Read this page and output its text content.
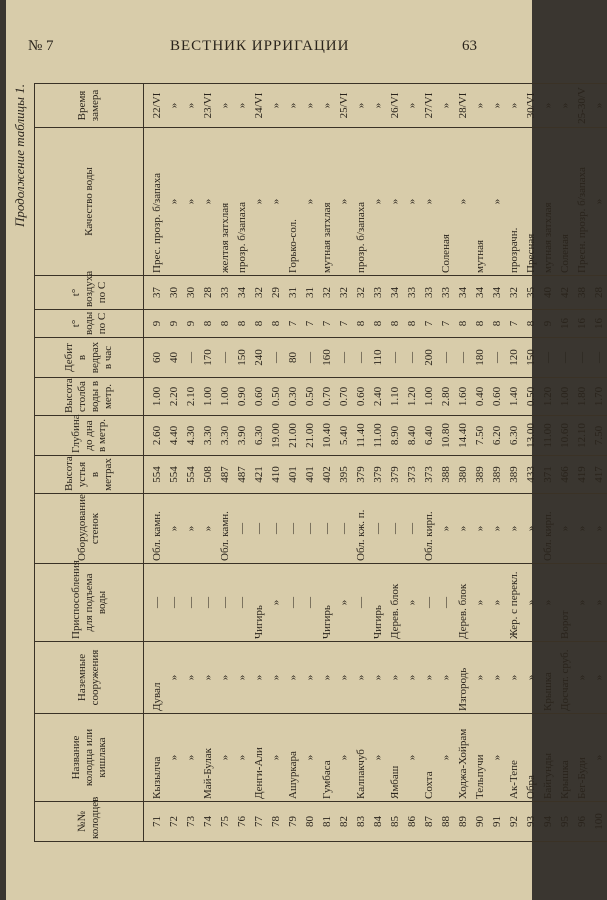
№ 7	ВЕСТНИК ИРРИГАЦИИ	63
Продолжение таблицы 1.
№№ колодцев	Название колодца или кишлака	Наземные сооружения	Приспособления для подъема воды	Оборудование стенок	Высота устья в метрах	Глубина до дна в метр.	Высота столба воды в метр.	Дебит в ведрах в час	t° воды по С	t° воздуха по С	Качество воды	Время замера
71	Кызылча	Дувал	—	Обл. камн.	554	2.60	1.00	60	9	37	Прес. прозр. б/запаха	22/VI
72	»	»	—	»	554	4.40	2.20	40	9	30	»	»
73	»	»	—	»	554	4.30	2.10	—	9	30	»	»
74	Май-Булак	»	—	»	508	3.30	1.00	170	8	28	»	23/VI
75	»	»	—	Обл. камн.	487	3.30	1.00	—	8	33	желтая затхлая	»
76	»	»	—	—	487	3.90	0.90	150	8	34	прозр. б/запаха	»
77	Денги-Али	»	Чигирь	—	421	6.30	0.60	240	8	32	»	24/VI
78	»	»	»	—	410	19.00	0.50	—	8	29	»	»
79	Ашуркара	»	—	—	401	21.00	0.30	80	7	31	Горько-сол.	»
80	»	»	—	—	401	21.00	0.50	—	7	31	»	»
81	Гумбаса	»	Чигирь	—	402	10.40	0.70	160	7	32	мутная затхлая	»
82	»	»	»	—	395	5.40	0.70	—	7	32	»	25/VI
83	Калпакчуб	»	—	Обл. кж. п.	379	11.40	0.60	—	8	32	прозр. б/запаха	»
84	»	»	Чигирь	—	379	11.00	2.40	110	8	33	»	»
85	Ямбаш	»	Дерев. блок	—	379	8.90	1.10	—	8	34	»	26/VI
86	»	»	»	—	373	8.40	1.20	—	8	33	»	»
87	Сохта	»	—	Обл. кирп.	373	6.40	1.00	200	7	33	»	27/VI
88	»	»	—	»	388	10.80	2.80	—	7	33	Соленая	»
89	Ходжа-Хойрам	Изгородь	Дерев. блок	»	380	14.40	1.60	—	8	34	»	28/VI
90	Тельпучи	»	»	»	389	7.50	0.40	180	8	34	мутная	»
91	»	»	»	»	389	6.20	0.60	—	8	34	»	»
92	Ак-Тепе	»	Жер. с перекл.	»	389	6.30	1.40	120	7	32	прозрачн.	»
93	Обра	»	»	»	433	13.00	0.50	150	8	35	Пресная	30/VI
94	Байгунды	Крышка	»	Обл. кирп.	371	11.00	1.20	—	9	40	мутная затхлая	»
95	Крышка	Досчат. сруб.	Ворот	»	466	10.60	1.00	—	16	42	Соленая	»
96	Бег-Буди	»	»	»	419	12.10	1.80	—	16	38	Пресн. прозр. б/запаха	25-30/V
100	»	»	»	»	417	7.50	1.70	—	16	28	»	»
